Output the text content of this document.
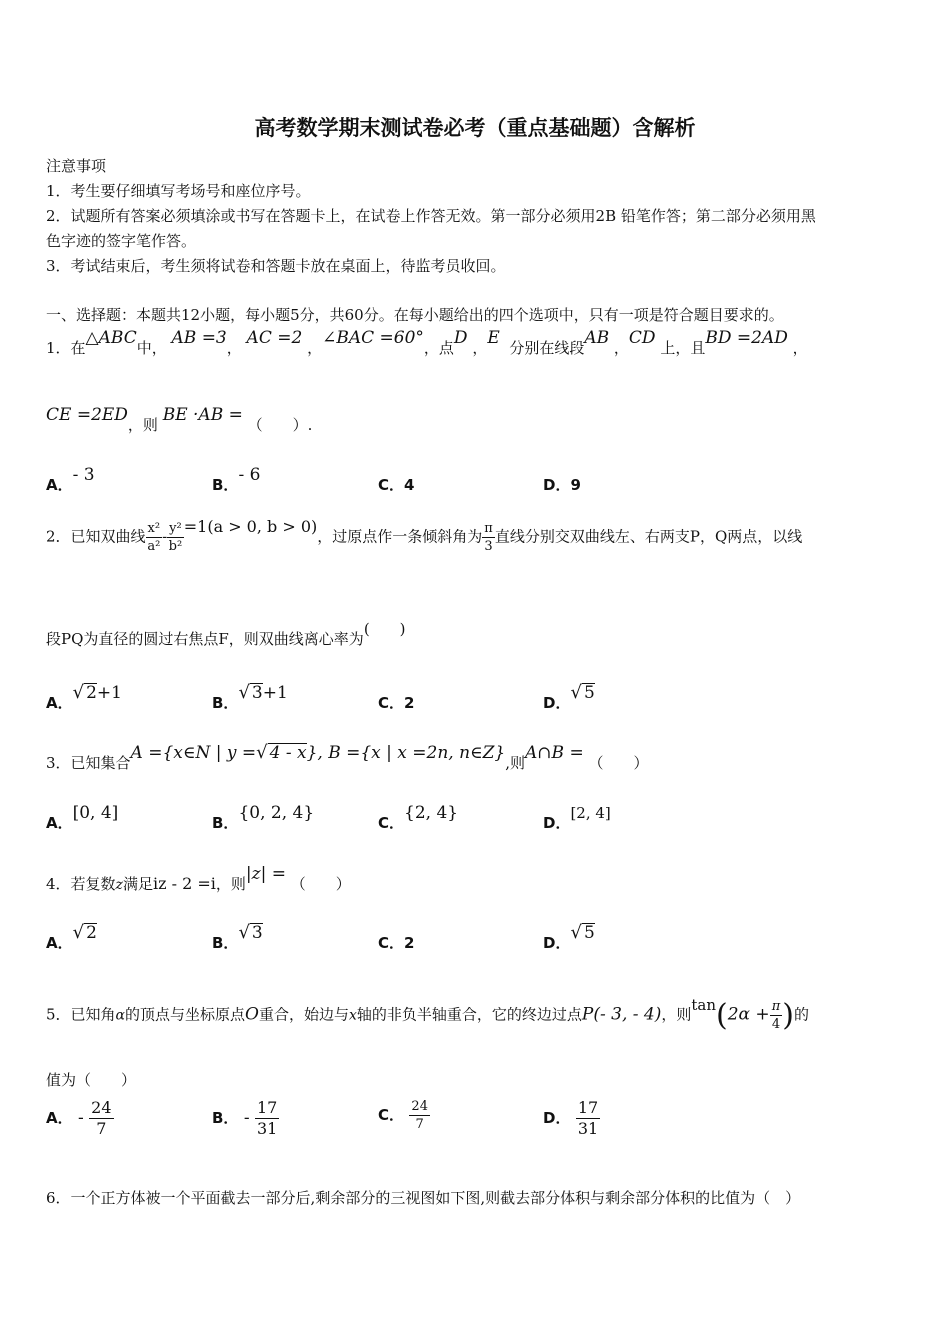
高考数学期末测试卷必考（重点基础题）含解析
注意事项
1．考生要仔细填写考场号和座位序号。
2．试题所有答案必须填涂或书写在答题卡上，在试卷上作答无效。第一部分必须用2B 铅笔作答；第二部分必须用黑
色字迹的签字笔作答。
3．考试结束后，考生须将试卷和答题卡放在桌面上，待监考员收回。
一、选择题：本题共12小题，每小题5分，共60分。在每小题给出的四个选项中，只有一项是符合题目要求的。
1．在△ABC中， AB =3， AC =2 ，∠BAC =60°，点D ，E 分别在线段AB ，CD 上，且BD =2AD ，
CE =2ED，则 BE ·AB = （　　）.
A．- 3	B．- 6	C．4	D．9
2．已知双曲线 $\frac{\text{x²}}{\text{a²}} - \frac{\text{y²}}{\text{b²}} =1(a > 0$, b > 0)，过原点作一条倾斜角为 $\frac{\pi}{3}$ 直线分别交双曲线左、右两支P，Q两点，以线
段PQ为直径的圆过右焦点F，则双曲线离心率为(　　)
A．√ 2+1	B．√ 3+1	C．2	D．√ 5
3．已知集合A ={x∈N | y =√ 4 - x}, B ={x | x =2n, n∈Z},则A∩B = （　　）
A．[0, 4]	B．{0, 2, 4}	C．{2, 4}	D．[2, 4]
4．若复数z满足iz - 2 =i，则|z| = （　　）
A．√ 2	B．√ 3	C．2	D．√ 5
5．已知角α的顶点与坐标原点O重合，始边与x轴的非负半轴重合，它的终边过点P(- 3, - 4)，则$\tan(2\alpha + \frac{\pi}{4}$ )的
值为（　　）
A． - $\frac{24}{7}$	B． - $\frac{17}{31}$	C． $\frac{24}{7}$	D． $\frac{17}{31}$
6．一个正方体被一个平面截去一部分后,剩余部分的三视图如下图,则截去部分体积与剩余部分体积的比值为（　）
